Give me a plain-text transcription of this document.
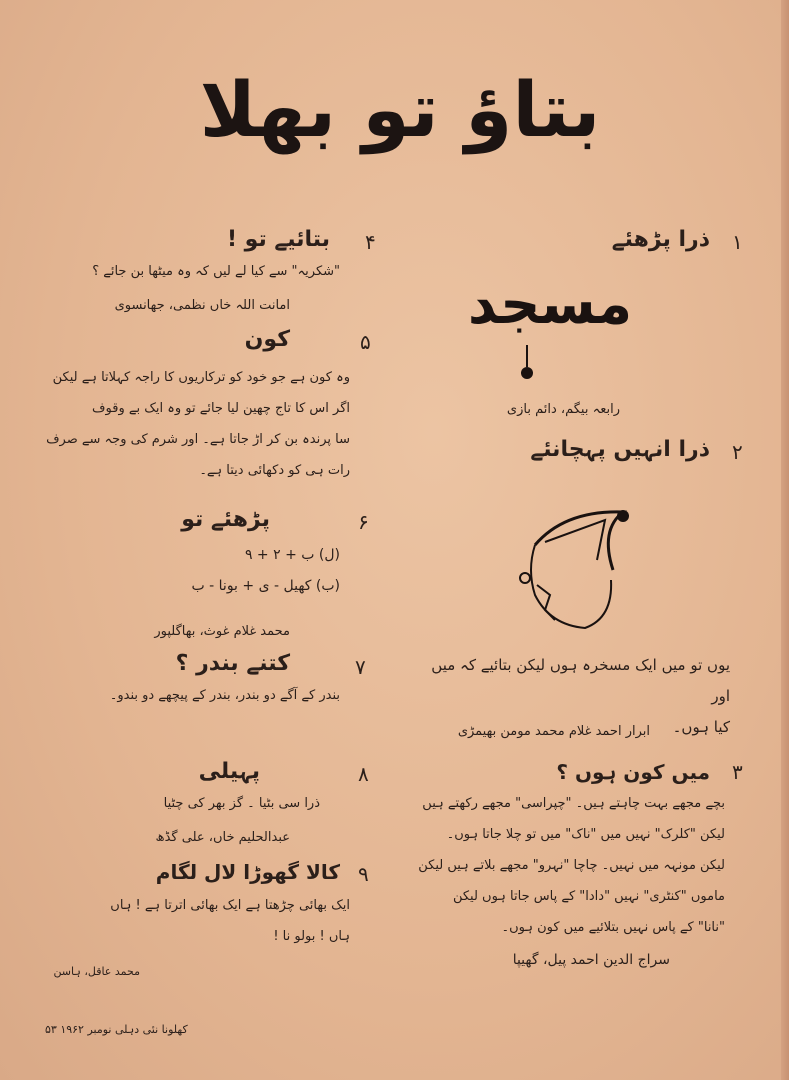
بتاؤ تو بھلا
۱
ذرا پڑھئے
مسجد
رابعہ بیگم، دائم بازی
۲
ذرا انہیں پہچانئے
یوں تو میں ایک مسخرہ ہوں لیکن بتائیے کہ میں اور
کیا ہوں۔
ابرار احمد غلام محمد مومن بھیمڑی
۳
میں کون ہوں ؟
بچے مجھے بہت چاہتے ہیں۔ "چپراسی" مجھے رکھتے ہیں
لیکن "کلرک" نہیں میں "ناک" میں تو چلا جاتا ہوں۔
لیکن مونہہ میں نہیں۔ چاچا "نہرو" مجھے بلاتے ہیں لیکن
ماموں "کنٹری" نہیں "دادا" کے پاس جاتا ہوں لیکن
"نانا" کے پاس نہیں بتلائیے میں کون ہوں۔
سراج الدین احمد پیل، گھیپا
۴
بتائیے تو !
"شکریہ" سے کیا لے لیں کہ وہ میٹھا بن جائے ؟
امانت اللہ خاں نظمی، جھانسوی
۵
کون
وہ کون ہے جو خود کو ترکاریوں کا راجہ کہلاتا ہے لیکن
اگر اس کا تاج چھین لیا جائے تو وہ ایک بے وقوف
سا پرندہ بن کر اڑ جاتا ہے۔ اور شرم کی وجہ سے صرف
رات ہی کو دکھائی دیتا ہے۔
۶
پڑھئے تو
(ل) ب + ۲ + ۹
(ب) کھیل - ی + بونا - ب
محمد غلام غوث، بھاگلپور
۷
کتنے بندر ؟
بندر کے آگے دو بندر، بندر کے پیچھے دو بندو۔
۸
پہیلی
ذرا سی بٹیا ۔ گز بھر کی چٹیا
عبدالحلیم خاں، علی گڈھ
۹
کالا گھوڑا لال لگام
ایک بھائی چڑھتا ہے ایک بھائی اترتا ہے ! ہاں
ہاں ! بولو نا !
محمد عاقل، ہاسن
کھلونا نئی دہلی نومبر ۱۹۶۲ ۵۳
